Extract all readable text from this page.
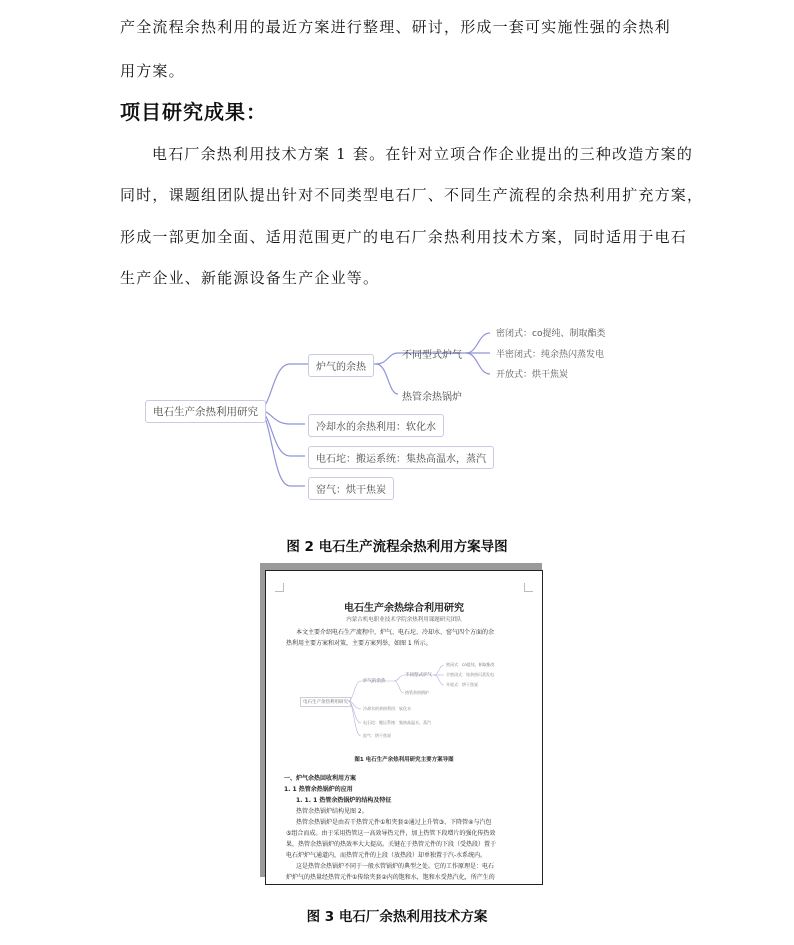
产全流程余热利用的最近方案进行整理、研讨，形成一套可实施性强的余热利
用方案。
项目研究成果：
电石厂余热利用技术方案 1 套。在针对立项合作企业提出的三种改造方案的
同时，课题组团队提出针对不同类型电石厂、不同生产流程的余热利用扩充方案，
形成一部更加全面、适用范围更广的电石厂余热利用技术方案，同时适用于电石
生产企业、新能源设备生产企业等。
电石生产余热利用研究
炉气的余热
不同型式炉气
密闭式：co提纯、制取酯类
半密闭式：纯余热闪蒸发电
开放式：烘干焦炭
热管余热锅炉
冷却水的余热利用：软化水
电石坨：搬运系统：集热高温水，蒸汽
窑气：烘干焦炭
图 2 电石生产流程余热利用方案导图
电石生产余热综合利用研究
内蒙古机电职业技术学院余热利用课题研究团队
本文主要介绍电石生产流程中，炉气、电石坨、冷却水、窑气四个方面的余
热利用主要方案和对策，主要方案列举，如图 1 所示。
电石生产余热利用研究
炉气的余热
不同型式炉气
密闭式：co提纯、制取酯类
半密闭式：纯余热闪蒸发电
开放式：烘干焦炭
热管余热锅炉
冷却水的余热利用：软化水
电石坨：搬运系统：集热高温水，蒸汽
窑气：烘干焦炭
图1 电石生产余热利用研究主要方案导图
一、炉气余热回收利用方案
1. 1 热管余热锅炉的应用
1. 1. 1 热管余热锅炉的结构及特征
热管余热锅炉结构见图 2。
热管余热锅炉是由若干热管元件①和夹套②通过上升管③、下降管④与汽包
⑤组合而成。由于采用热管这一高效导热元件，加上热管下段增片的强化传热效
果，热管余热锅炉的热效率大大提高。关键在于热管元件的下段（受热段）置于
电石炉炉气通道内，而热管元件的上段（放热段）却单独置于汽-水系统内。
这是热管余热锅炉不同于一般水管锅炉的典型之处。它的工作原理是：电石
炉炉气的热量经热管元件①传给夹套②内的饱和水，饱和水受热汽化，所产生的
图 3 电石厂余热利用技术方案
